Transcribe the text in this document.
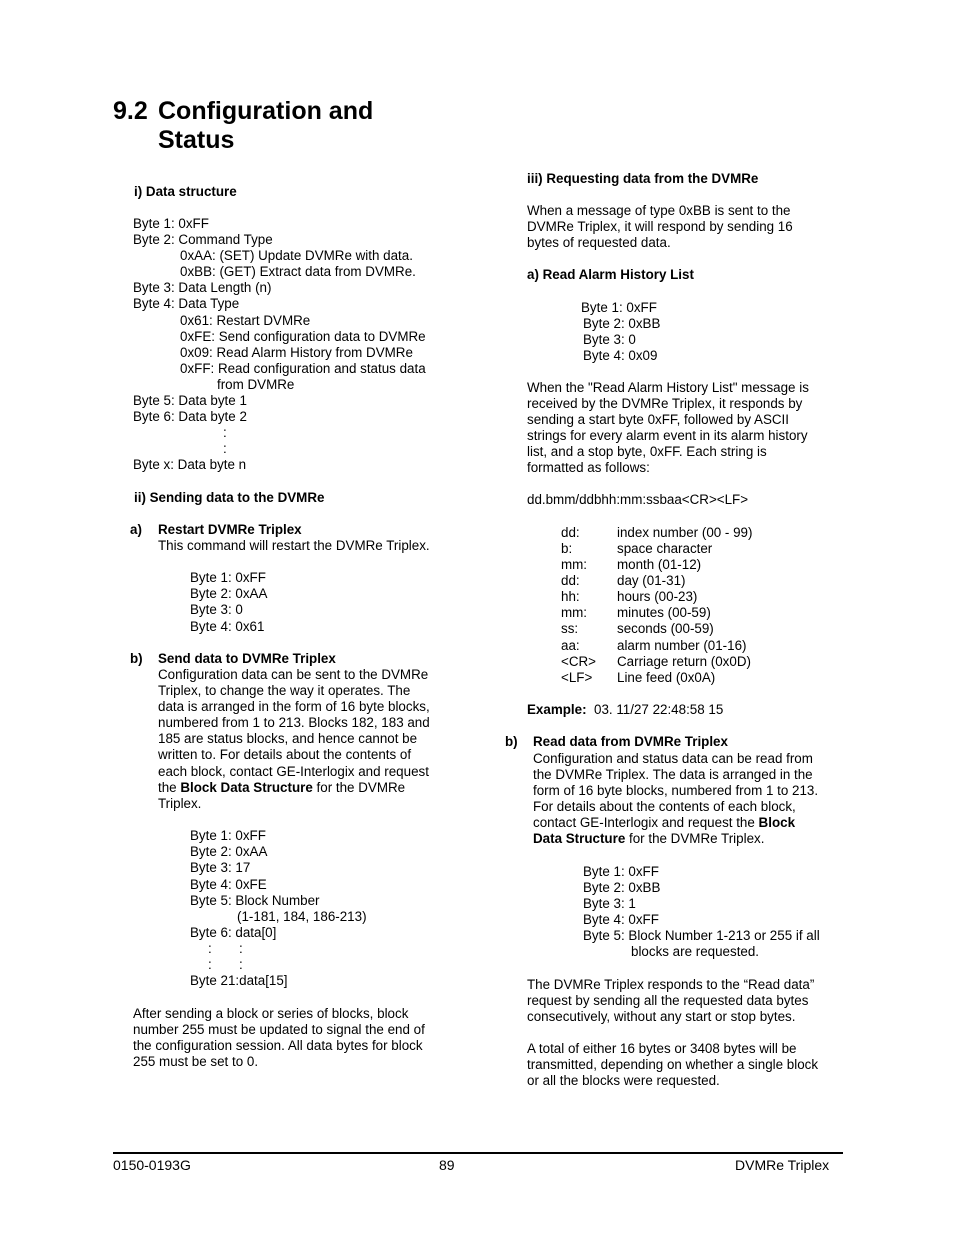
9.2 Configuration and
Status
i) Data structure
Byte 1: 0xFF
Byte 2: Command Type
0xAA: (SET) Update DVMRe with data.
0xBB: (GET) Extract data from DVMRe.
Byte 3: Data Length (n)
Byte 4: Data Type
0x61: Restart DVMRe
0xFE: Send configuration data to DVMRe
0x09: Read Alarm History from DVMRe
0xFF: Read configuration and status data
from DVMRe
Byte 5: Data byte 1
Byte 6: Data byte 2
:
:
Byte x: Data byte n
ii) Sending data to the DVMRe
a) Restart DVMRe Triplex
This command will restart the DVMRe Triplex.
Byte 1: 0xFF
Byte 2: 0xAA
Byte 3: 0
Byte 4: 0x61
b) Send data to DVMRe Triplex
Configuration data can be sent to the DVMRe
Triplex, to change the way it operates. The
data is arranged in the form of 16 byte blocks,
numbered from 1 to 213. Blocks 182, 183 and
185 are status blocks, and hence cannot be
written to. For details about the contents of
each block, contact GE-Interlogix and request
the Block Data Structure for the DVMRe
Triplex.
Byte 1: 0xFF
Byte 2: 0xAA
Byte 3: 17
Byte 4: 0xFE
Byte 5: Block Number
(1-181, 184, 186-213)
Byte 6: data[0]
: :
: :
Byte 21:data[15]
After sending a block or series of blocks, block
number 255 must be updated to signal the end of
the configuration session. All data bytes for block
255 must be set to 0.
iii) Requesting data from the DVMRe
When a message of type 0xBB is sent to the
DVMRe Triplex, it will respond by sending 16
bytes of requested data.
a) Read Alarm History List
Byte 1: 0xFF
Byte 2: 0xBB
Byte 3: 0
Byte 4: 0x09
When the "Read Alarm History List" message is
received by the DVMRe Triplex, it responds by
sending a start byte 0xFF, followed by ASCII
strings for every alarm event in its alarm history
list, and a stop byte, 0xFF. Each string is
formatted as follows:
dd.bmm/ddbhh:mm:ssbaa<CR><LF>
dd:	index number (00 - 99)
b:	space character
mm: month (01-12)
dd:	day (01-31)
hh:	hours (00-23)
mm: minutes (00-59)
ss:	seconds (00-59)
aa:	alarm number (01-16)
<CR> Carriage return (0x0D)
<LF> Line feed (0x0A)
Example: 03. 11/27 22:48:58 15
b) Read data from DVMRe Triplex
Configuration and status data can be read from
the DVMRe Triplex. The data is arranged in the
form of 16 byte blocks, numbered from 1 to 213.
For details about the contents of each block,
contact GE-Interlogix and request the Block
Data Structure for the DVMRe Triplex.
Byte 1: 0xFF
Byte 2: 0xBB
Byte 3: 1
Byte 4: 0xFF
Byte 5: Block Number 1-213 or 255 if all
blocks are requested.
The DVMRe Triplex responds to the “Read data”
request by sending all the requested data bytes
consecutively, without any start or stop bytes.
A total of either 16 bytes or 3408 bytes will be
transmitted, depending on whether a single block
or all the blocks were requested.
0150-0193G	89	DVMRe Triplex
